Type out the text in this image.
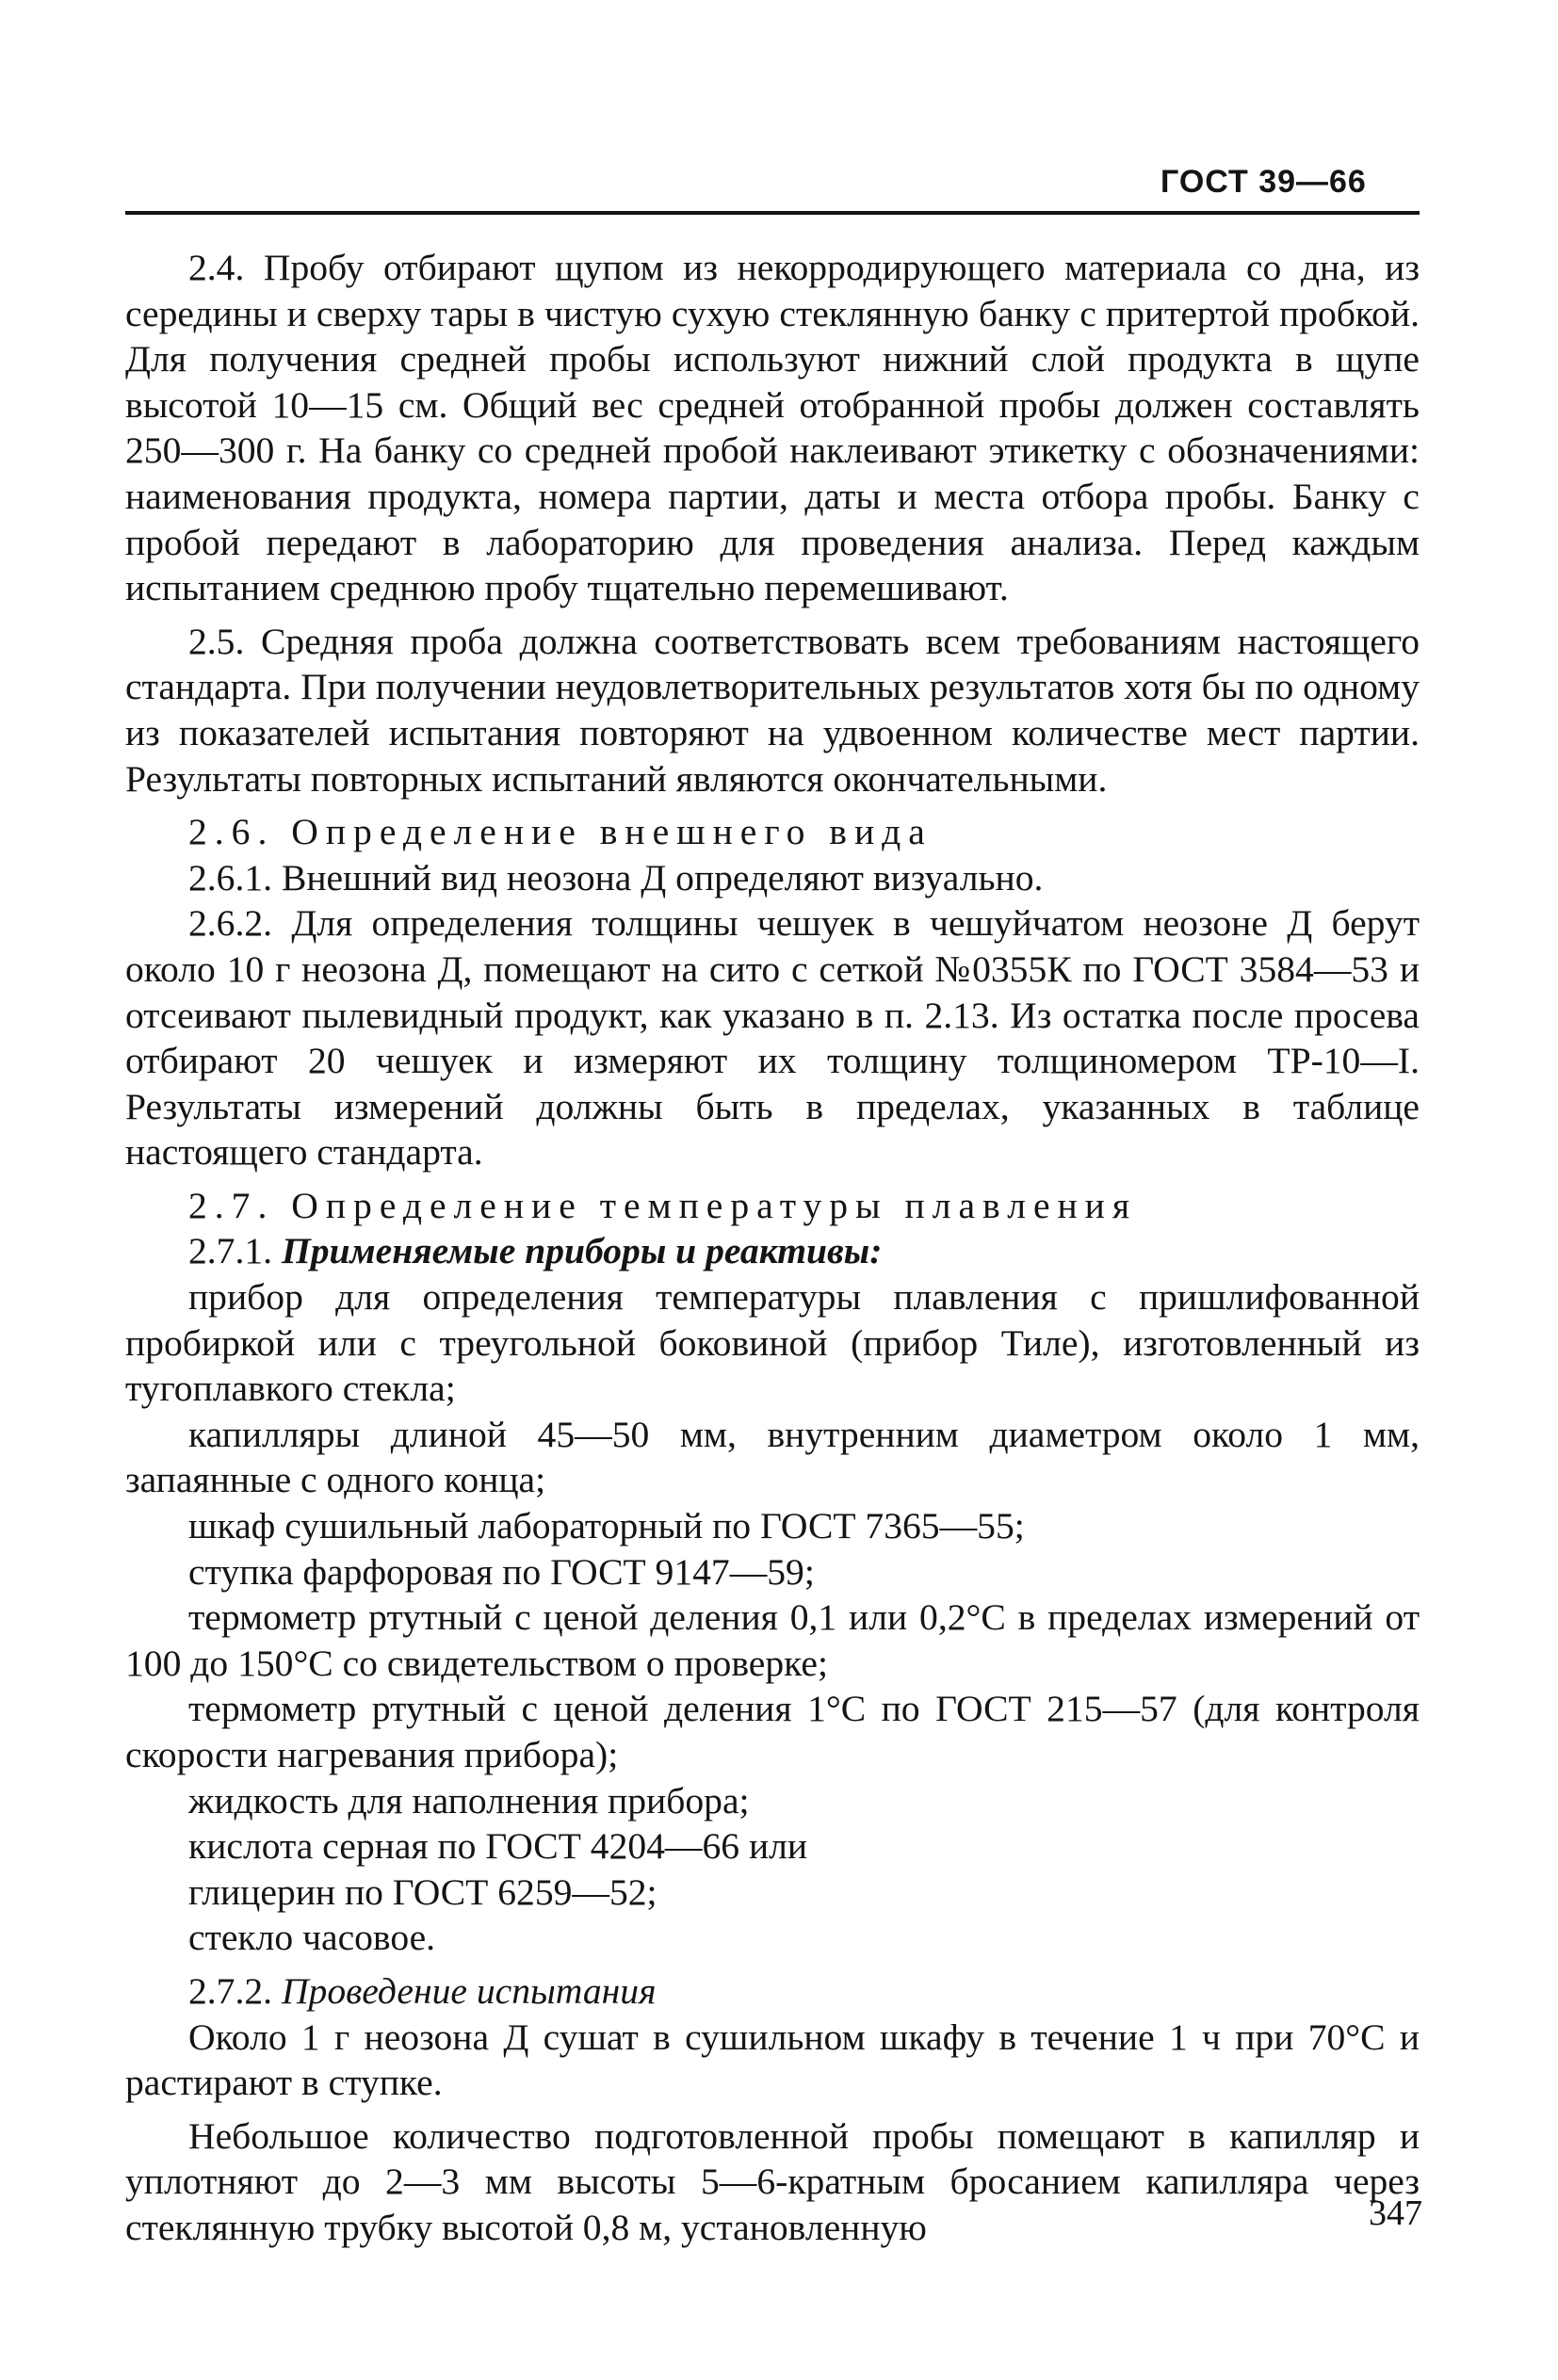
ГОСТ 39—66

2.4. Пробу отбирают щупом из некорродирующего материала со дна, из середины и сверху тары в чистую сухую стеклянную банку с притертой пробкой. Для получения средней пробы используют нижний слой продукта в щупе высотой 10—15 см. Общий вес средней отобранной пробы должен составлять 250—300 г. На банку со средней пробой наклеивают этикетку с обозначениями: наименования продукта, номера партии, даты и места отбора пробы. Банку с пробой передают в лабораторию для проведения анализа. Перед каждым испытанием среднюю пробу тщательно перемешивают.

2.5. Средняя проба должна соответствовать всем требованиям настоящего стандарта. При получении неудовлетворительных результатов хотя бы по одному из показателей испытания повторяют на удвоенном количестве мест партии. Результаты повторных испытаний являются окончательными.

2.6. Определение внешнего вида

2.6.1. Внешний вид неозона Д определяют визуально.

2.6.2. Для определения толщины чешуек в чешуйчатом неозоне Д берут около 10 г неозона Д, помещают на сито с сеткой №0355К по ГОСТ 3584—53 и отсеивают пылевидный продукт, как указано в п. 2.13. Из остатка после просева отбирают 20 чешуек и измеряют их толщину толщиномером ТР-10—I. Результаты измерений должны быть в пределах, указанных в таблице настоящего стандарта.

2.7. Определение температуры плавления

2.7.1. Применяемые приборы и реактивы:

прибор для определения температуры плавления с пришлифованной пробиркой или с треугольной боковиной (прибор Тиле), изготовленный из тугоплавкого стекла;

капилляры длиной 45—50 мм, внутренним диаметром около 1 мм, запаянные с одного конца;

шкаф сушильный лабораторный по ГОСТ 7365—55;

ступка фарфоровая по ГОСТ 9147—59;

термометр ртутный с ценой деления 0,1 или 0,2°С в пределах измерений от 100 до 150°С со свидетельством о проверке;

термометр ртутный с ценой деления 1°С по ГОСТ 215—57 (для контроля скорости нагревания прибора);

жидкость для наполнения прибора;

кислота серная по ГОСТ 4204—66 или

глицерин по ГОСТ 6259—52;

стекло часовое.

2.7.2. Проведение испытания

Около 1 г неозона Д сушат в сушильном шкафу в течение 1 ч при 70°С и растирают в ступке.

Небольшое количество подготовленной пробы помещают в капилляр и уплотняют до 2—3 мм высоты 5—6-кратным бросанием капилляра через стеклянную трубку высотой 0,8 м, установленную	347
